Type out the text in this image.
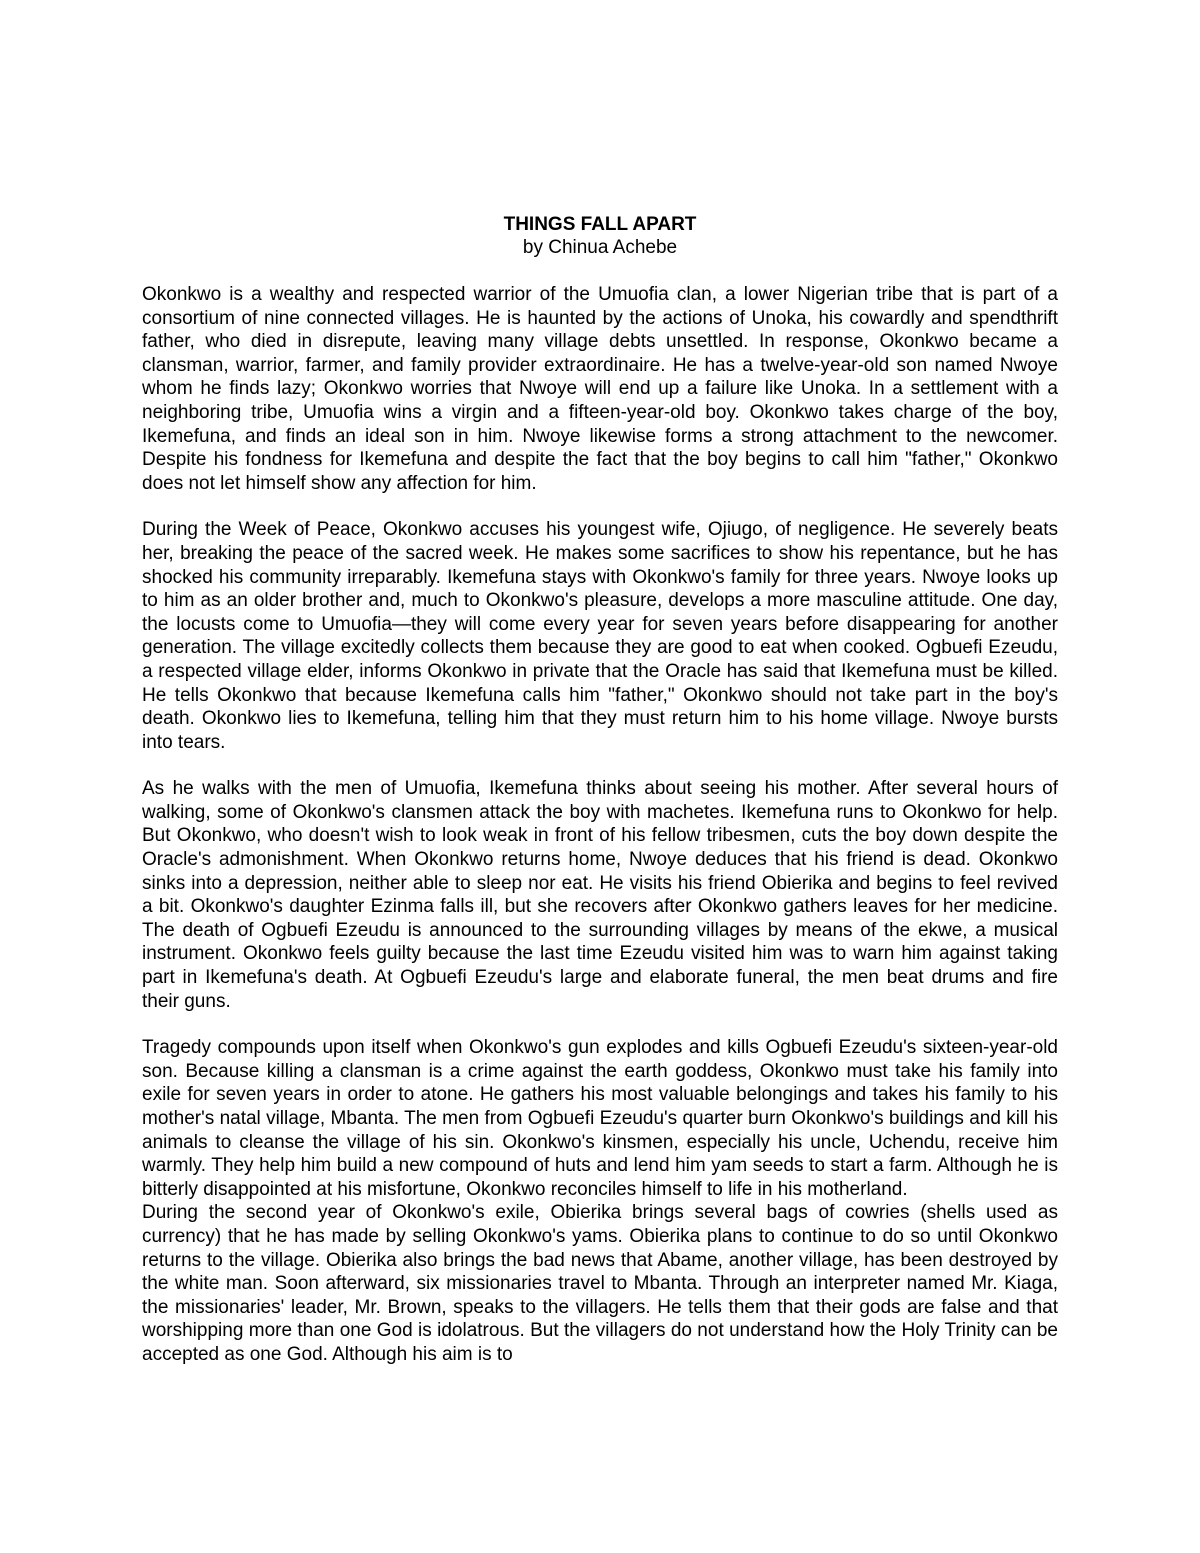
THINGS FALL APART

by Chinua Achebe

Okonkwo is a wealthy and respected warrior of the Umuofia clan, a lower Nigerian tribe that is part of a consortium of nine connected villages. He is haunted by the actions of Unoka, his cowardly and spendthrift father, who died in disrepute, leaving many village debts unsettled. In response, Okonkwo became a clansman, warrior, farmer, and family provider extraordinaire. He has a twelve-year-old son named Nwoye whom he finds lazy; Okonkwo worries that Nwoye will end up a failure like Unoka. In a settlement with a neighboring tribe, Umuofia wins a virgin and a fifteen-year-old boy. Okonkwo takes charge of the boy, Ikemefuna, and finds an ideal son in him. Nwoye likewise forms a strong attachment to the newcomer. Despite his fondness for Ikemefuna and despite the fact that the boy begins to call him "father," Okonkwo does not let himself show any affection for him.

During the Week of Peace, Okonkwo accuses his youngest wife, Ojiugo, of negligence. He severely beats her, breaking the peace of the sacred week. He makes some sacrifices to show his repentance, but he has shocked his community irreparably. Ikemefuna stays with Okonkwo's family for three years. Nwoye looks up to him as an older brother and, much to Okonkwo's pleasure, develops a more masculine attitude. One day, the locusts come to Umuofia—they will come every year for seven years before disappearing for another generation. The village excitedly collects them because they are good to eat when cooked. Ogbuefi Ezeudu, a respected village elder, informs Okonkwo in private that the Oracle has said that Ikemefuna must be killed. He tells Okonkwo that because Ikemefuna calls him "father," Okonkwo should not take part in the boy's death. Okonkwo lies to Ikemefuna, telling him that they must return him to his home village. Nwoye bursts into tears.

As he walks with the men of Umuofia, Ikemefuna thinks about seeing his mother. After several hours of walking, some of Okonkwo's clansmen attack the boy with machetes. Ikemefuna runs to Okonkwo for help. But Okonkwo, who doesn't wish to look weak in front of his fellow tribesmen, cuts the boy down despite the Oracle's admonishment. When Okonkwo returns home, Nwoye deduces that his friend is dead. Okonkwo sinks into a depression, neither able to sleep nor eat. He visits his friend Obierika and begins to feel revived a bit. Okonkwo's daughter Ezinma falls ill, but she recovers after Okonkwo gathers leaves for her medicine. The death of Ogbuefi Ezeudu is announced to the surrounding villages by means of the ekwe, a musical instrument. Okonkwo feels guilty because the last time Ezeudu visited him was to warn him against taking part in Ikemefuna's death. At Ogbuefi Ezeudu's large and elaborate funeral, the men beat drums and fire their guns.

Tragedy compounds upon itself when Okonkwo's gun explodes and kills Ogbuefi Ezeudu's sixteen-year-old son. Because killing a clansman is a crime against the earth goddess, Okonkwo must take his family into exile for seven years in order to atone. He gathers his most valuable belongings and takes his family to his mother's natal village, Mbanta. The men from Ogbuefi Ezeudu's quarter burn Okonkwo's buildings and kill his animals to cleanse the village of his sin. Okonkwo's kinsmen, especially his uncle, Uchendu, receive him warmly. They help him build a new compound of huts and lend him yam seeds to start a farm. Although he is bitterly disappointed at his misfortune, Okonkwo reconciles himself to life in his motherland.

During the second year of Okonkwo's exile, Obierika brings several bags of cowries (shells used as currency) that he has made by selling Okonkwo's yams. Obierika plans to continue to do so until Okonkwo returns to the village. Obierika also brings the bad news that Abame, another village, has been destroyed by the white man. Soon afterward, six missionaries travel to Mbanta. Through an interpreter named Mr. Kiaga, the missionaries' leader, Mr. Brown, speaks to the villagers. He tells them that their gods are false and that worshipping more than one God is idolatrous. But the villagers do not understand how the Holy Trinity can be accepted as one God. Although his aim is to
